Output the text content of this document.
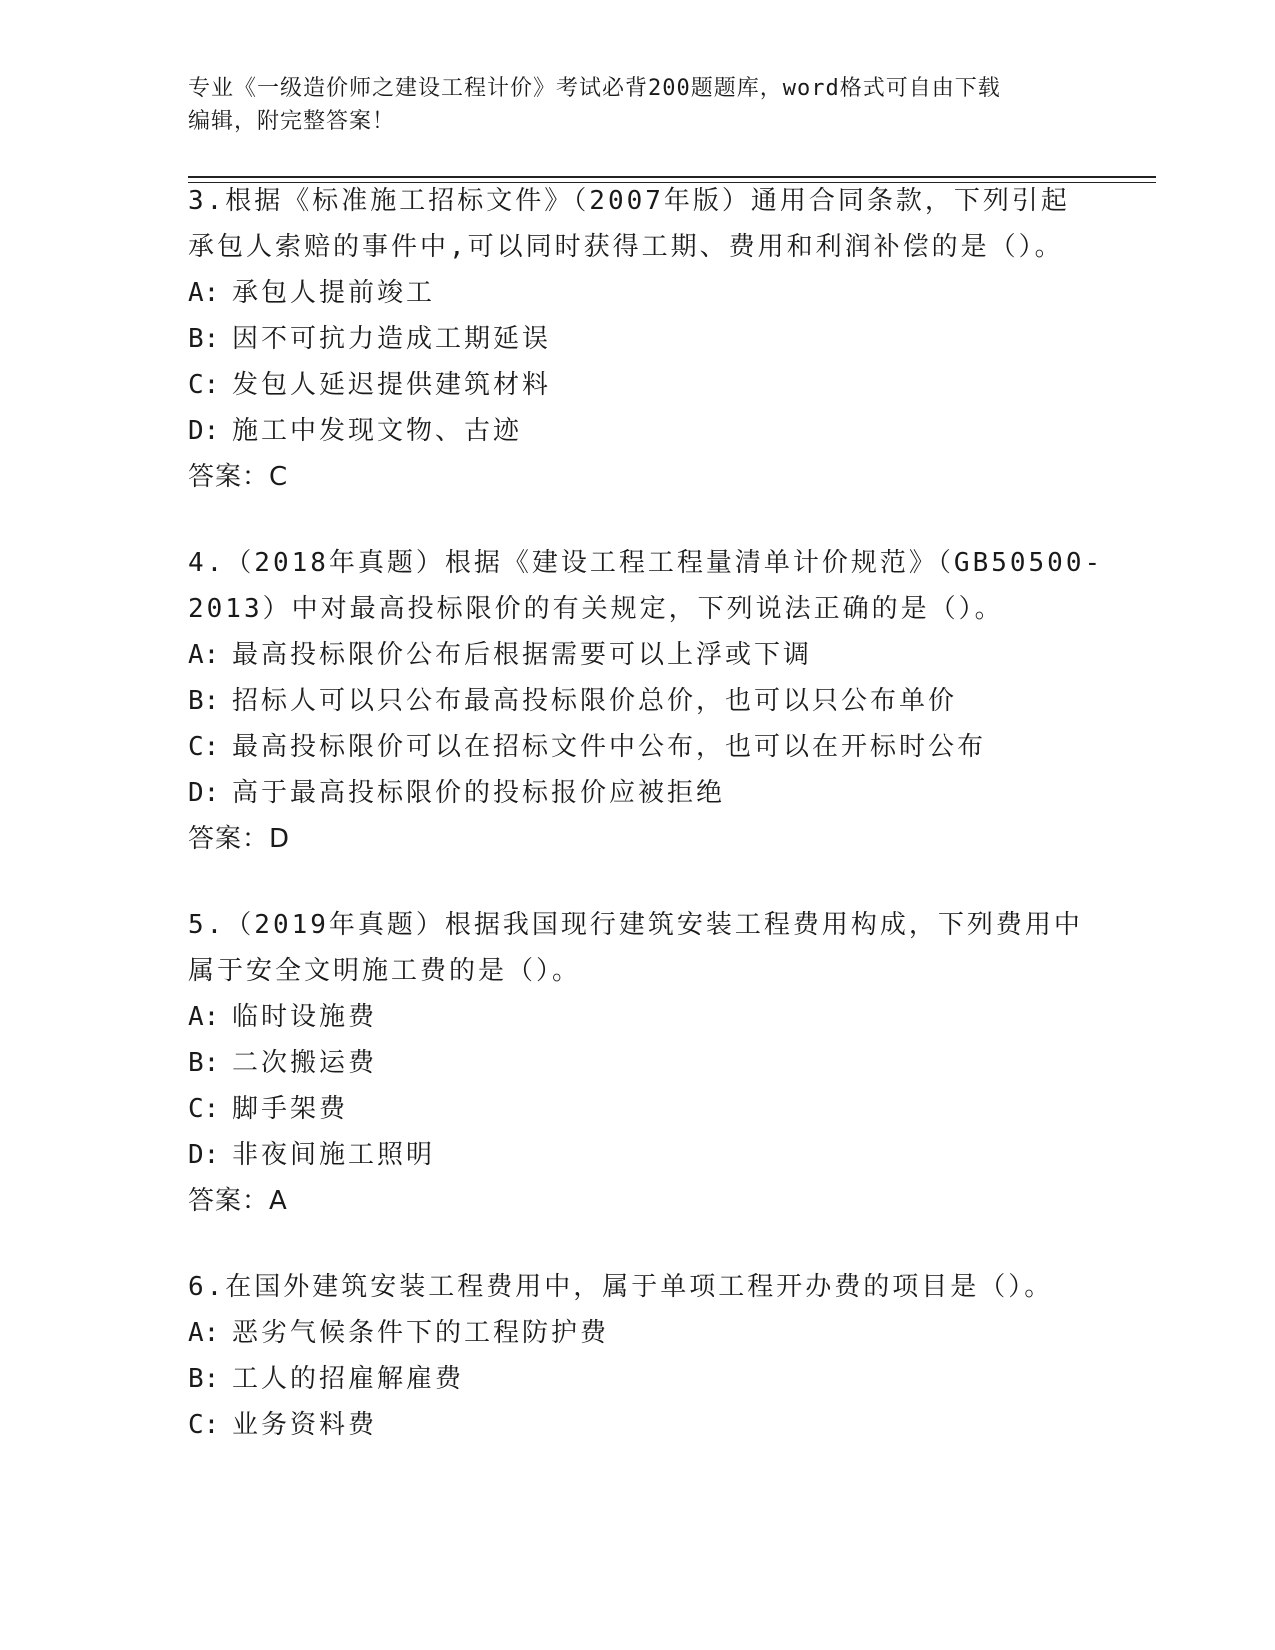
专业《一级造价师之建设工程计价》考试必背200题题库，word格式可自由下载
编辑，附完整答案！
3.根据《标准施工招标文件》（2007年版）通用合同条款，下列引起
承包人索赔的事件中,可以同时获得工期、费用和利润补偿的是（）。
A: 承包人提前竣工
B: 因不可抗力造成工期延误
C: 发包人延迟提供建筑材料
D: 施工中发现文物、古迹
答案：C
4.（2018年真题）根据《建设工程工程量清单计价规范》（GB50500-
2013）中对最高投标限价的有关规定，下列说法正确的是（）。
A: 最高投标限价公布后根据需要可以上浮或下调
B: 招标人可以只公布最高投标限价总价，也可以只公布单价
C: 最高投标限价可以在招标文件中公布，也可以在开标时公布
D: 高于最高投标限价的投标报价应被拒绝
答案：D
5.（2019年真题）根据我国现行建筑安装工程费用构成，下列费用中
属于安全文明施工费的是（）。
A: 临时设施费
B: 二次搬运费
C: 脚手架费
D: 非夜间施工照明
答案：A
6.在国外建筑安装工程费用中，属于单项工程开办费的项目是（）。
A: 恶劣气候条件下的工程防护费
B: 工人的招雇解雇费
C: 业务资料费
